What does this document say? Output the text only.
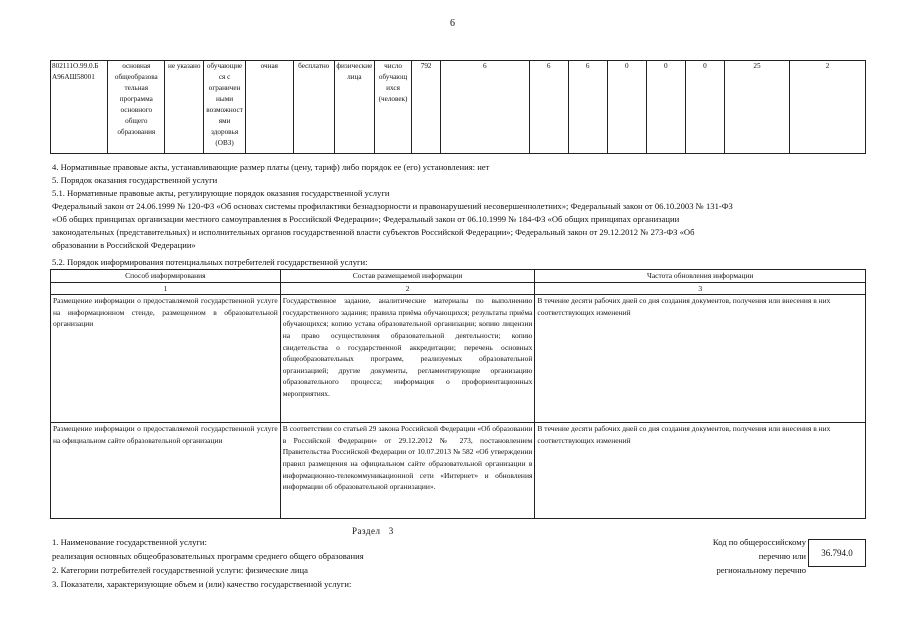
6
802111О.99.0.Б А96АШ58001	основная общеобразова тельная программа основного общего образования	не указано	обучающие ся с ограничен ными возможност ями здоровья (ОВЗ)	очная	бесплатно	физические лица	число обучающ ихся (человек)	792	6	6	6	0	0	0	25	2
4. Нормативные правовые акты, устанавливающие размер платы (цену, тариф) либо порядок ее (его) установления: нет
5. Порядок оказания государственной услуги
5.1. Нормативные правовые акты, регулирующие порядок оказания государственной услуги
Федеральный закон от 24.06.1999 № 120-ФЗ «Об основах системы профилактики безнадзорности и правонарушений несовершеннолетних»; Федеральный закон от 06.10.2003 № 131-ФЗ
«Об общих принципах организации местного самоуправления в Российской Федерации»; Федеральный закон от 06.10.1999 № 184-ФЗ «Об общих принципах организации
законодательных (представительных) и исполнительных органов государственной власти субъектов Российской Федерации»; Федеральный закон от 29.12.2012 № 273-ФЗ «Об
образовании в Российской Федерации»
5.2. Порядок информирования потенциальных потребителей государственной услуги:
Способ информирования	Состав размещаемой информации	Частота обновления информации
1	2	3
Размещение информации о предоставляемой государственной услуге на информационном стенде, размещенном в образовательной организации	Государственное задание, аналитические материалы по выполнению государственного задания; правила приёма обучающихся; результаты приёма обучающихся; копию устава образовательной организации; копию лицензии на право осуществления образовательной деятельности; копию свидетельства о государственной аккредитации; перечень основных общеобразовательных программ, реализуемых образовательной организацией; другие документы, регламентирующие организацию образовательного процесса; информация о профориентационных мероприятиях.	В течение десяти рабочих дней со дня создания документов, получения или внесения в них соответствующих изменений
Размещение информации о предоставляемой государственной услуге на официальном сайте образовательной организации	В соответствии со статьей 29 закона Российской Федерации «Об образовании в Российской Федерации» от 29.12.2012 № 273, постановлением Правительства Российской Федерации от 10.07.2013 № 582 «Об утверждении правил размещения на официальном сайте образовательной организации в информационно-телекоммуникационной сети «Интернет» и обновления информации об образовательной организации».	В течение десяти рабочих дней со дня создания документов, получения или внесения в них соответствующих изменений
Раздел   3
1. Наименование государственной услуги:
реализация основных общеобразовательных программ среднего общего образования
2. Категории потребителей государственной услуги: физические лица
3. Показатели, характеризующие объем и (или) качество государственной услуги:
Код по общероссийскому
перечню или
региональному перечню
36.794.0
